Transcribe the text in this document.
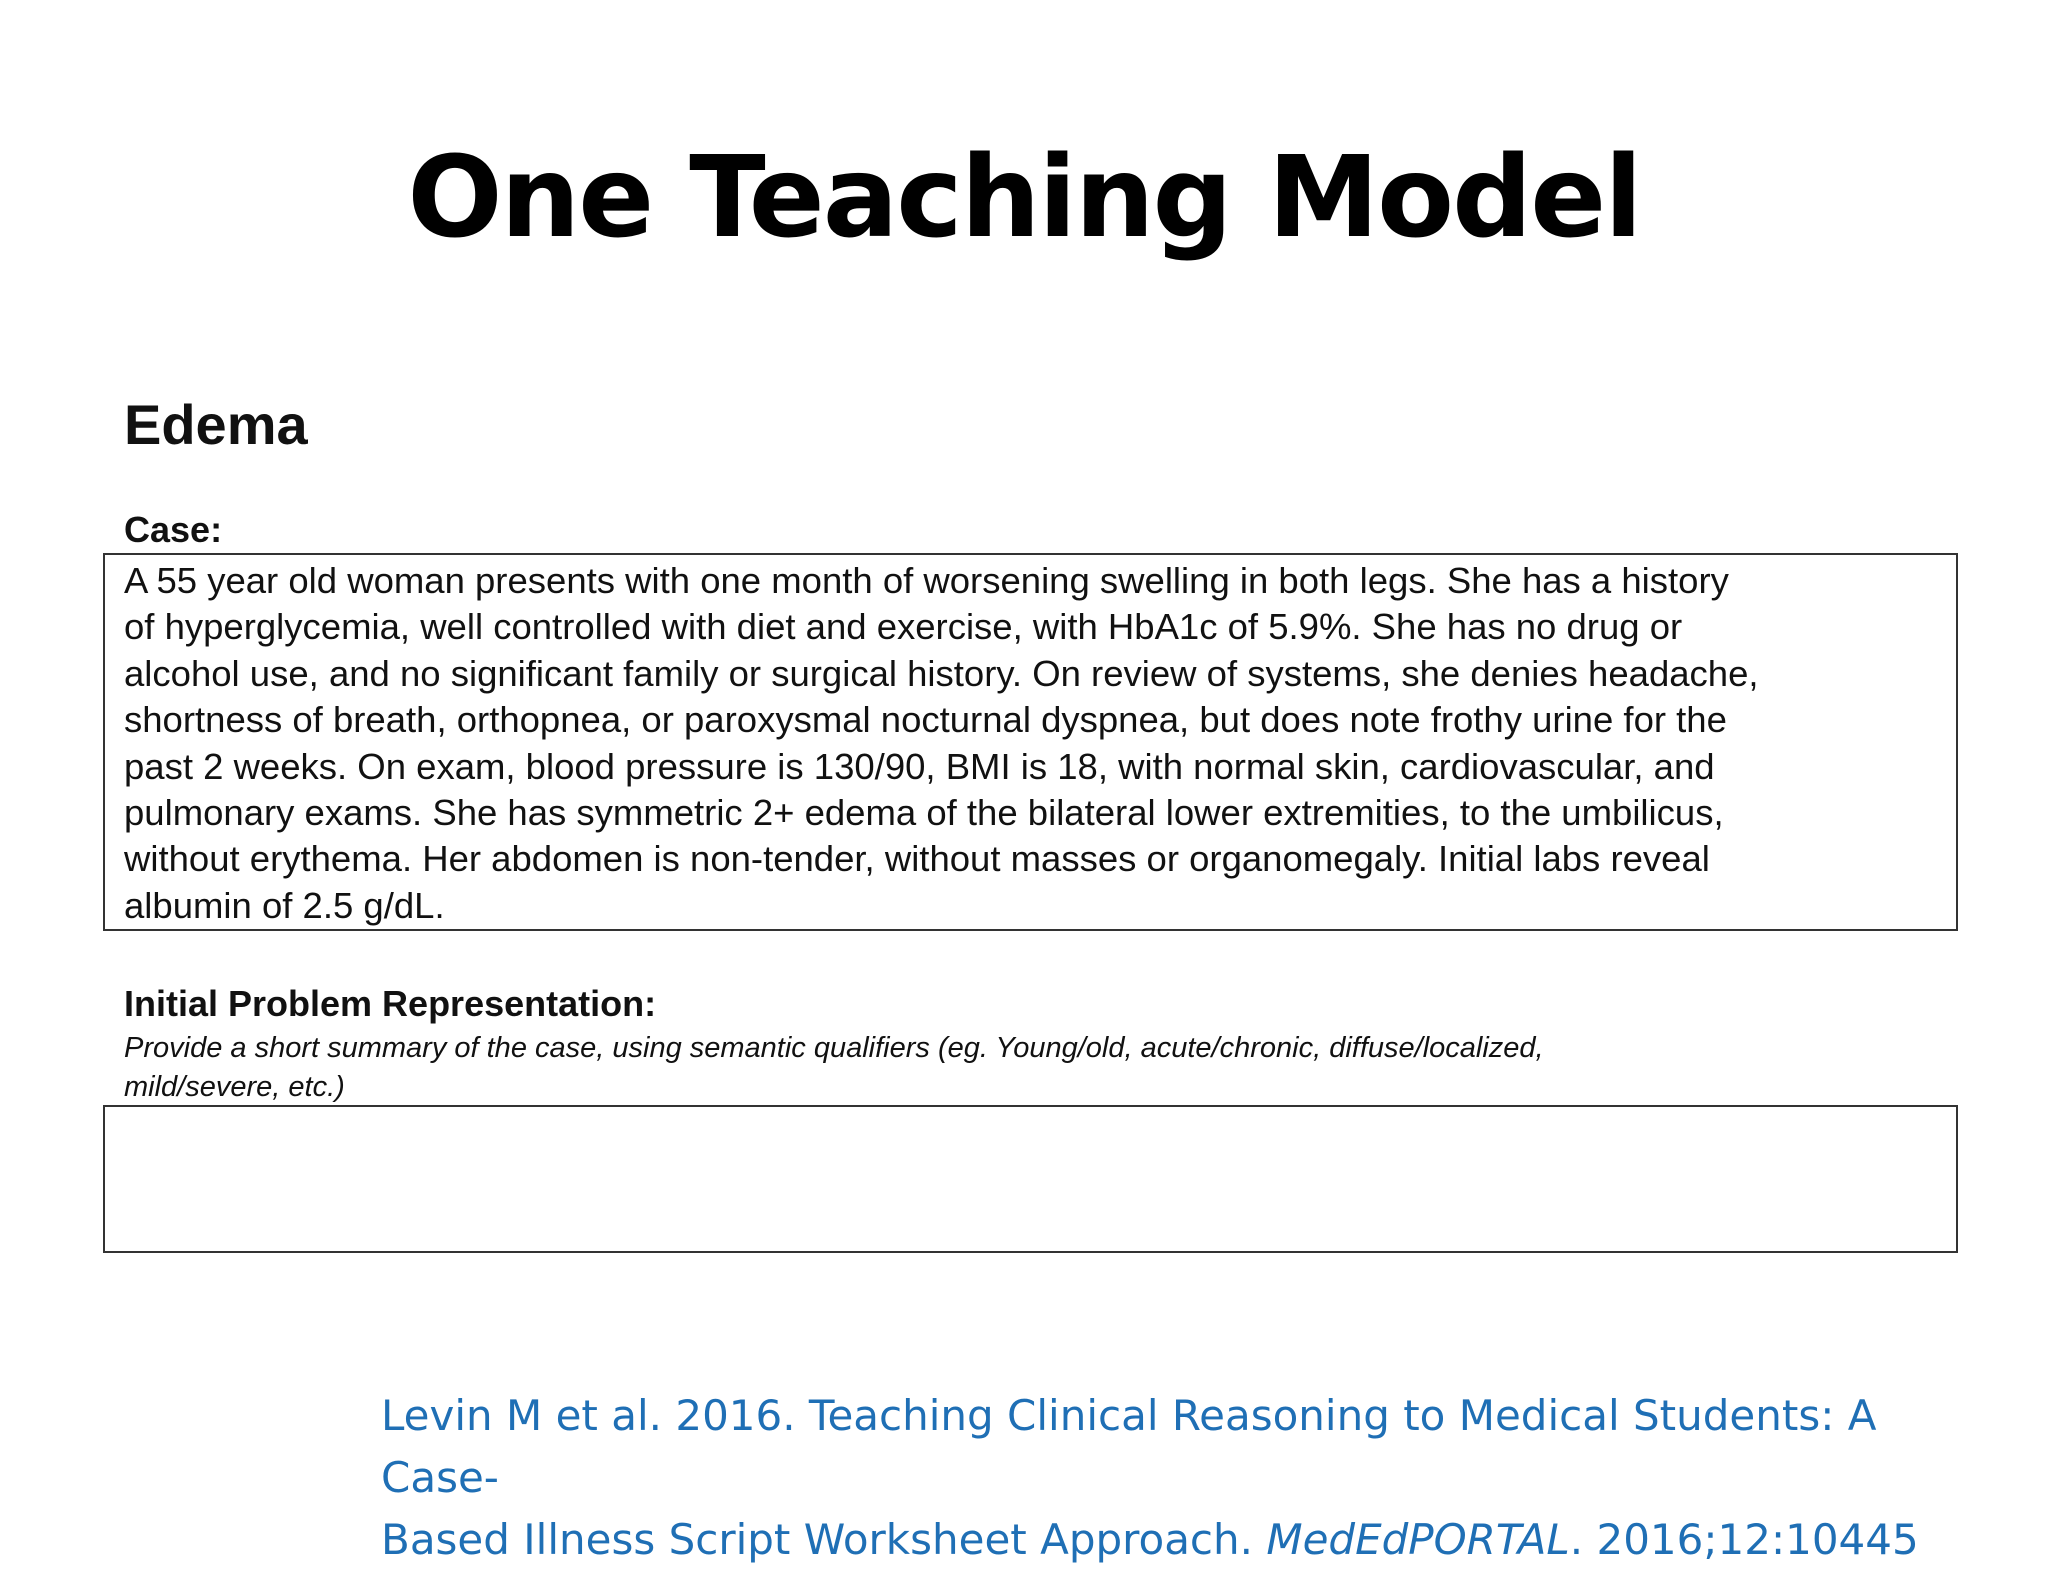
One Teaching Model
Edema
Case:

A 55 year old woman presents with one month of worsening swelling in both legs. She has a history
of hyperglycemia, well controlled with diet and exercise, with HbA1c of 5.9%. She has no drug or
alcohol use, and no significant family or surgical history. On review of systems, she denies headache,
shortness of breath, orthopnea, or paroxysmal nocturnal dyspnea, but does note frothy urine for the
past 2 weeks. On exam, blood pressure is 130/90, BMI is 18, with normal skin, cardiovascular, and
pulmonary exams. She has symmetric 2+ edema of the bilateral lower extremities, to the umbilicus,
without erythema. Her abdomen is non-tender, without masses or organomegaly. Initial labs reveal
albumin of 2.5 g/dL.

Initial Problem Representation:

Provide a short summary of the case, using semantic qualifiers (eg. Young/old, acute/chronic, diffuse/localized,
mild/severe, etc.)

Levin M et al. 2016. Teaching Clinical Reasoning to Medical Students: A Case-
Based Illness Script Worksheet Approach. MedEdPORTAL. 2016;12:10445
